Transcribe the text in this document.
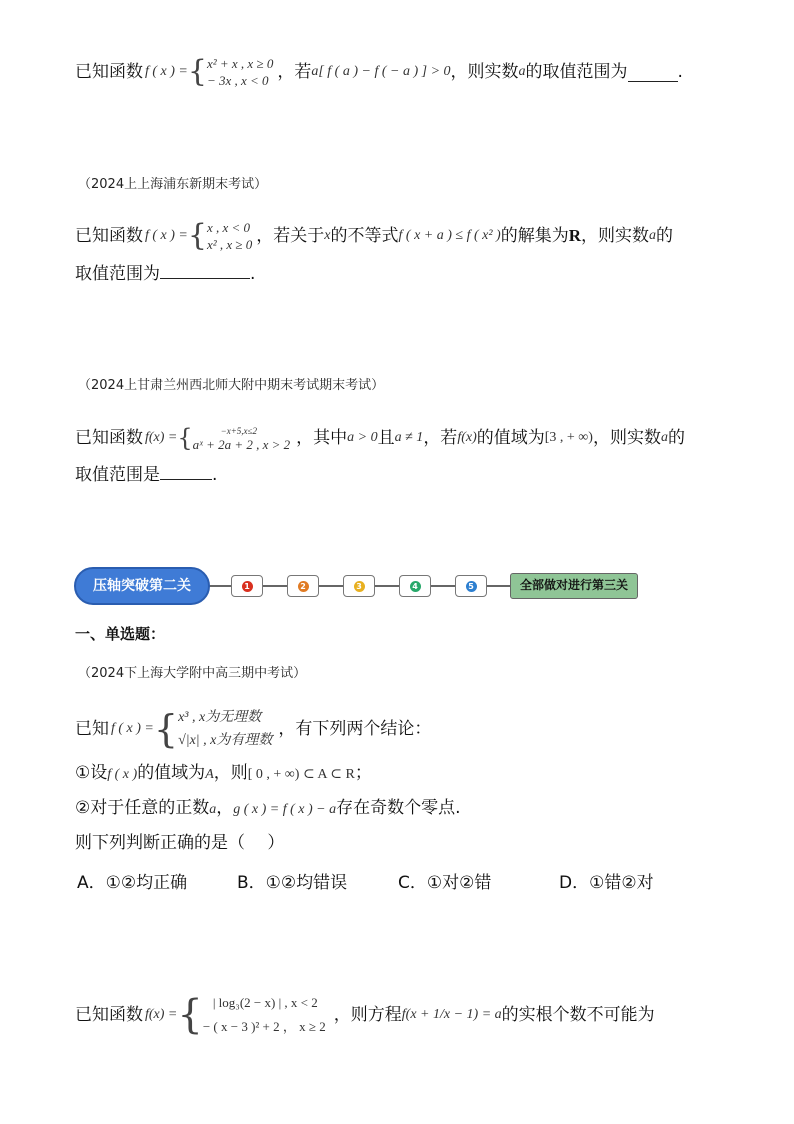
已知函数 f ( x ) = { x² + x , x ≥ 0
− 3x , x < 0 ，若 a[ f ( a ) − f ( − a ) ] > 0 ，则实数 a 的取值范围为	.
（2024上上海浦东新期末考试）
已知函数 f ( x ) = { x , x < 0
x² , x ≥ 0 ，若关于 x 的不等式 f ( x + a ) ≤ f ( x² ) 的解集为 R ，则实数 a 的
取值范围为	.
（2024上甘肃兰州西北师大附中期末考试期末考试）
已知函数 f(x) = {	−x+5,x≤2
aˣ + 2a + 2 , x > 2 ，其中 a > 0 且 a ≠ 1 ，若 f(x) 的值域为 [3 , + ∞) ，则实数 a 的
取值范围是	.
压轴突破第二关	1	2	3	4	5	全部做对进行第三关
一、单选题：
（2024下上海大学附中高三期中考试）
已知 f ( x ) = { x³ , x为无理数
√|x| , x为有理数
，有下列两个结论：
①设f ( x )的值域为A，则[ 0 , + ∞) ⊂ A ⊂ R；
②对于任意的正数a，g ( x ) = f ( x ) − a存在奇数个零点.
则下列判断正确的是（　 ）
A．①②均正确	B．①②均错误	C．①对②错	D．①错②对
已知函数 f(x) = { | log₃(2 − x) | , x < 2
− ( x − 3 )² + 2 ， x ≥ 2
，则方程 f(x + 1/x − 1) = a 的实根个数不可能为
